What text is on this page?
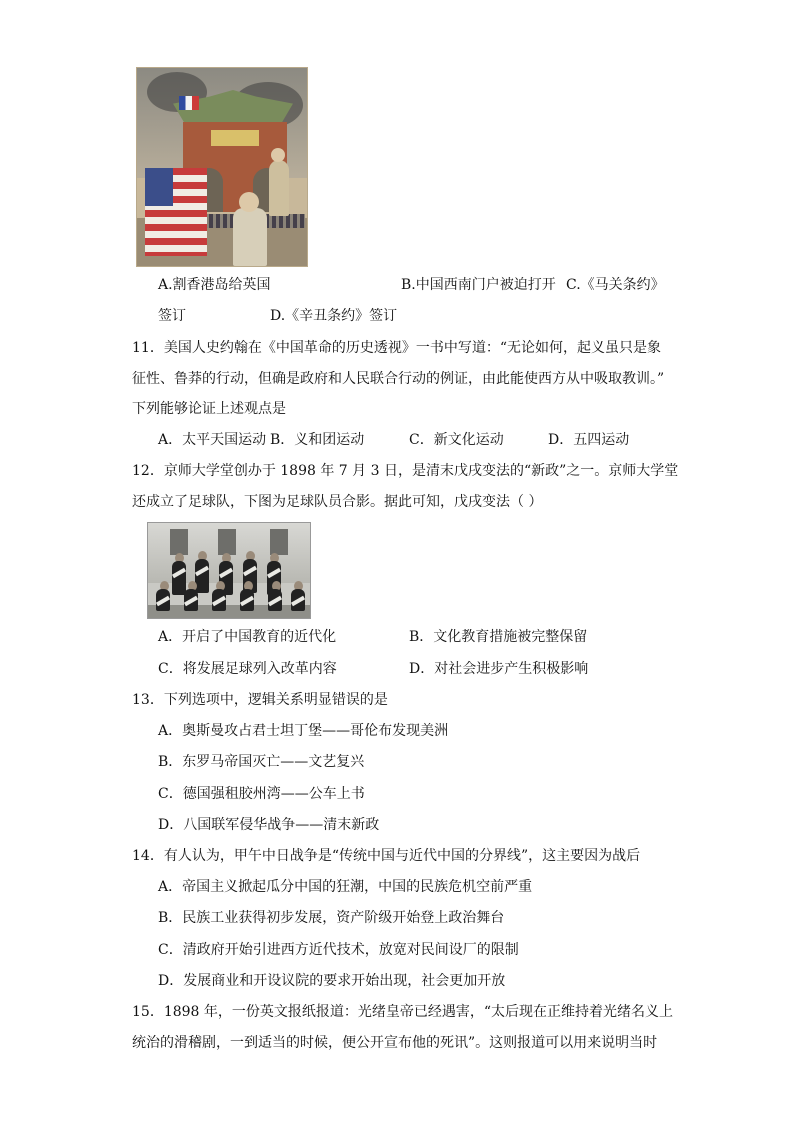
A.割香港岛给英国	B.中国西南门户被迫打开 C.《马关条约》
签订	D.《辛丑条约》签订
11．美国人史约翰在《中国革命的历史透视》一书中写道：“无论如何，起义虽只是象
征性、鲁莽的行动，但确是政府和人民联合行动的例证，由此能使西方从中吸取教训。”
下列能够论证上述观点是
A．太平天国运动 B．义和团运动	C．新文化运动	D．五四运动
12．京师大学堂创办于 1898 年 7 月 3 日，是清末戊戌变法的“新政”之一。京师大学堂
还成立了足球队，下图为足球队员合影。据此可知，戊戌变法（ ）
A．开启了中国教育的近代化	B．文化教育措施被完整保留
C．将发展足球列入改革内容	D．对社会进步产生积极影响
13．下列选项中，逻辑关系明显错误的是
A．奥斯曼攻占君士坦丁堡——哥伦布发现美洲
B．东罗马帝国灭亡——文艺复兴
C．德国强租胶州湾——公车上书
D．八国联军侵华战争——清末新政
14．有人认为，甲午中日战争是“传统中国与近代中国的分界线”，这主要因为战后
A．帝国主义掀起瓜分中国的狂潮，中国的民族危机空前严重
B．民族工业获得初步发展，资产阶级开始登上政治舞台
C．清政府开始引进西方近代技术，放宽对民间设厂的限制
D．发展商业和开设议院的要求开始出现，社会更加开放
15．1898 年，一份英文报纸报道：光绪皇帝已经遇害，“太后现在正维持着光绪名义上
统治的滑稽剧，一到适当的时候，便公开宣布他的死讯”。这则报道可以用来说明当时
